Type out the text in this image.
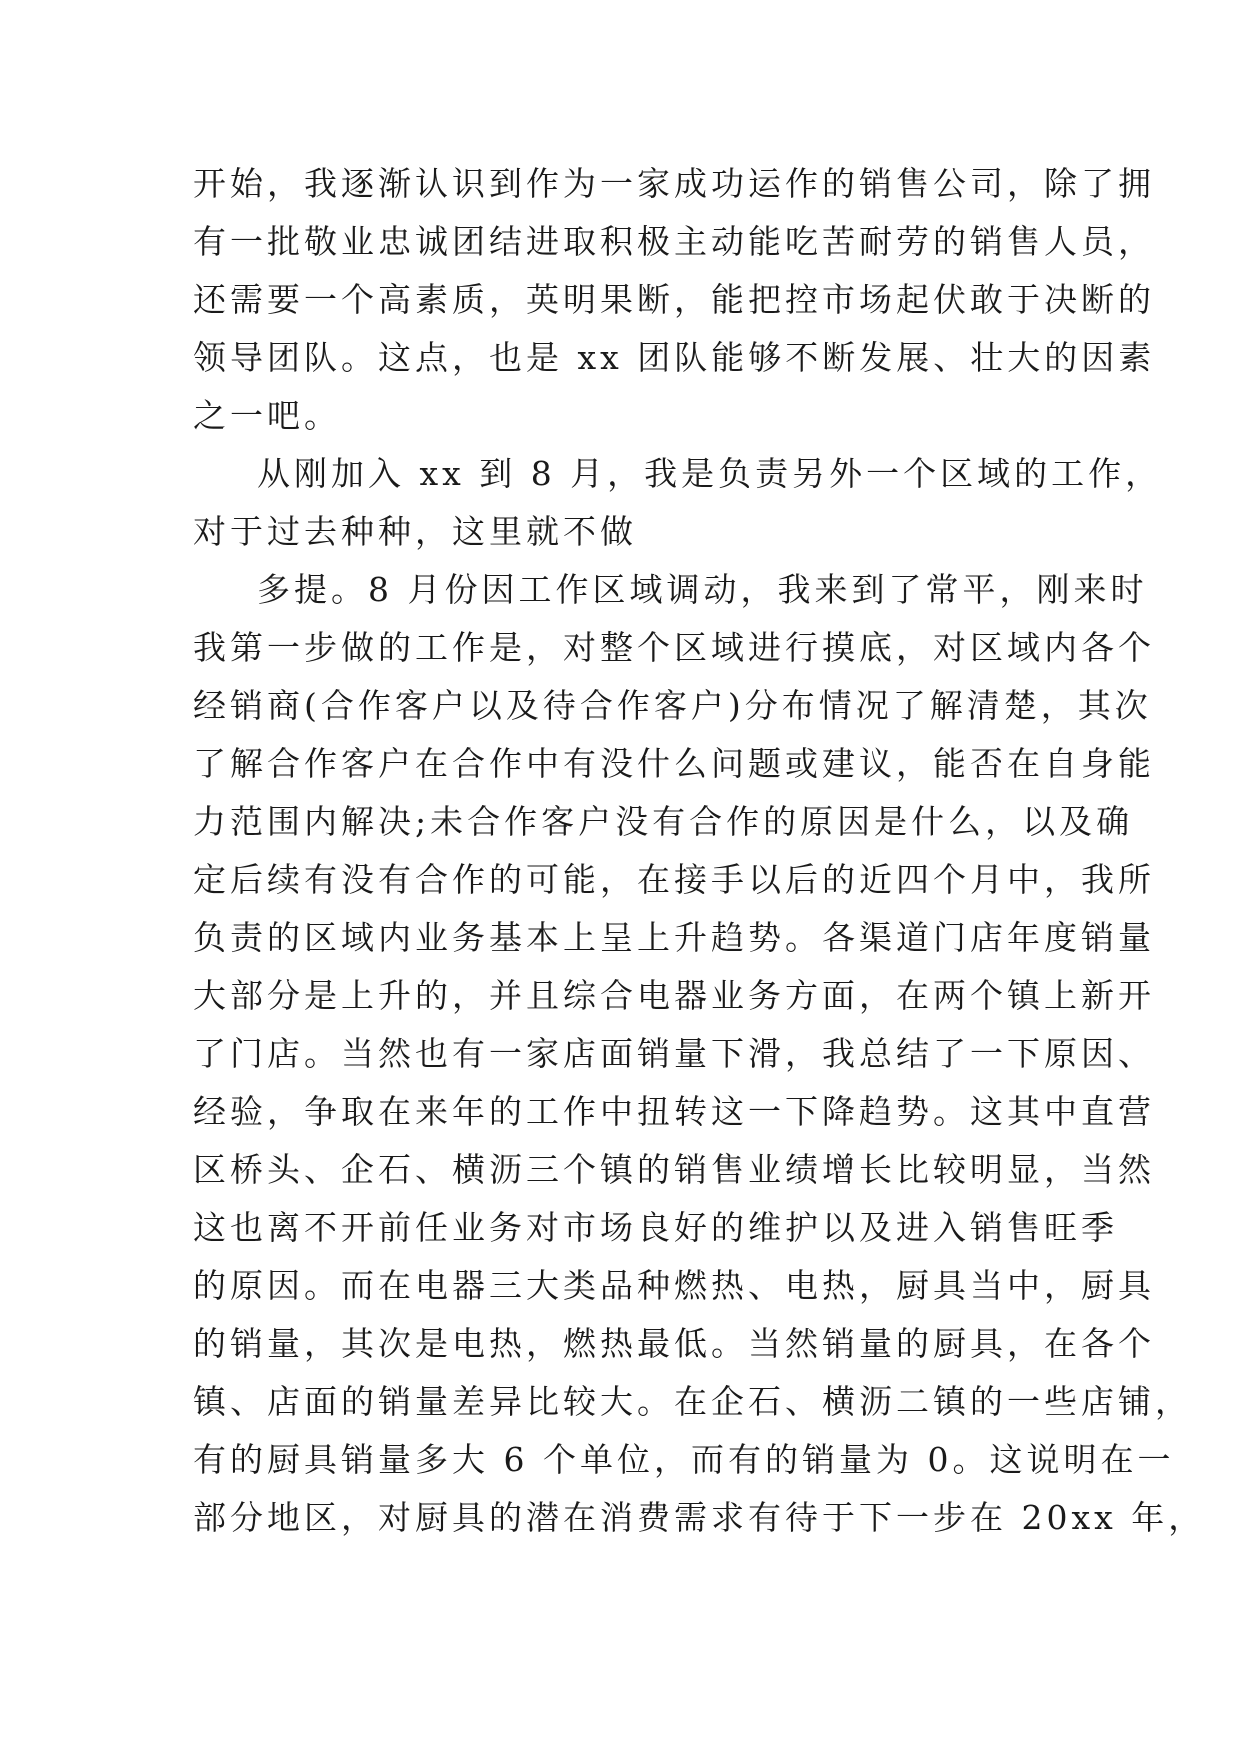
开始，我逐渐认识到作为一家成功运作的销售公司，除了拥
有一批敬业忠诚团结进取积极主动能吃苦耐劳的销售人员，
还需要一个高素质，英明果断，能把控市场起伏敢于决断的
领导团队。这点，也是 xx 团队能够不断发展、壮大的因素
之一吧。
从刚加入 xx 到 8 月，我是负责另外一个区域的工作，
对于过去种种，这里就不做
多提。8 月份因工作区域调动，我来到了常平，刚来时
我第一步做的工作是，对整个区域进行摸底，对区域内各个
经销商(合作客户以及待合作客户)分布情况了解清楚，其次
了解合作客户在合作中有没什么问题或建议，能否在自身能
力范围内解决;未合作客户没有合作的原因是什么，以及确
定后续有没有合作的可能，在接手以后的近四个月中，我所
负责的区域内业务基本上呈上升趋势。各渠道门店年度销量
大部分是上升的，并且综合电器业务方面，在两个镇上新开
了门店。当然也有一家店面销量下滑，我总结了一下原因、
经验，争取在来年的工作中扭转这一下降趋势。这其中直营
区桥头、企石、横沥三个镇的销售业绩增长比较明显，当然
这也离不开前任业务对市场良好的维护以及进入销售旺季
的原因。而在电器三大类品种燃热、电热，厨具当中，厨具
的销量，其次是电热，燃热最低。当然销量的厨具，在各个
镇、店面的销量差异比较大。在企石、横沥二镇的一些店铺，
有的厨具销量多大 6 个单位，而有的销量为 0。这说明在一
部分地区，对厨具的潜在消费需求有待于下一步在 20xx 年，
